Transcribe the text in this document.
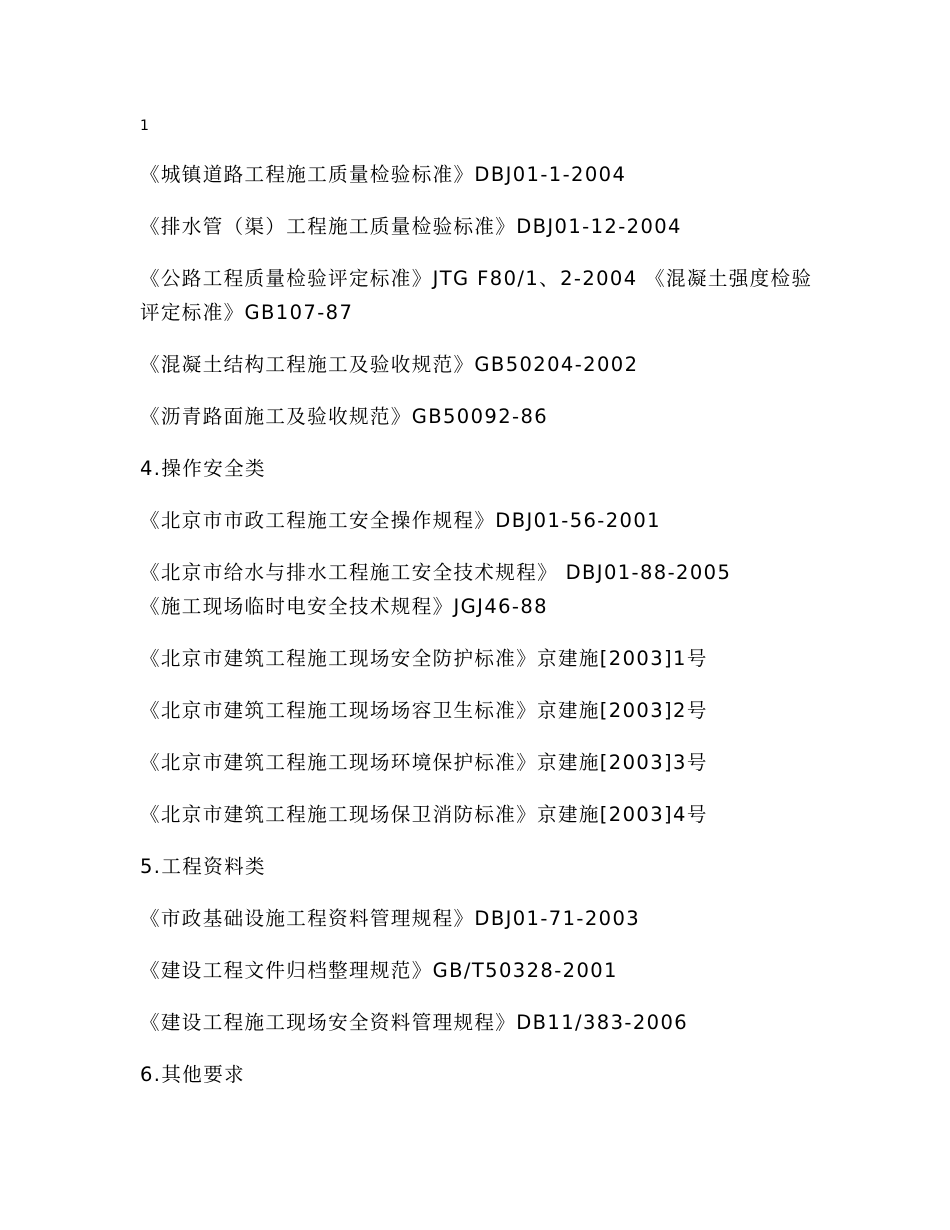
1
《城镇道路工程施工质量检验标准》DBJ01-1-2004
《排水管（渠）工程施工质量检验标准》DBJ01-12-2004
《公路工程质量检验评定标准》JTG F80/1、2-2004 《混凝土强度检验评定标准》GB107-87
《混凝土结构工程施工及验收规范》GB50204-2002
《沥青路面施工及验收规范》GB50092-86
4.操作安全类
《北京市市政工程施工安全操作规程》DBJ01-56-2001
《北京市给水与排水工程施工安全技术规程》 DBJ01-88-2005
《施工现场临时电安全技术规程》JGJ46-88
《北京市建筑工程施工现场安全防护标准》京建施[2003]1号
《北京市建筑工程施工现场场容卫生标准》京建施[2003]2号
《北京市建筑工程施工现场环境保护标准》京建施[2003]3号
《北京市建筑工程施工现场保卫消防标准》京建施[2003]4号
5.工程资料类
《市政基础设施工程资料管理规程》DBJ01-71-2003
《建设工程文件归档整理规范》GB/T50328-2001
《建设工程施工现场安全资料管理规程》DB11/383-2006
6.其他要求
